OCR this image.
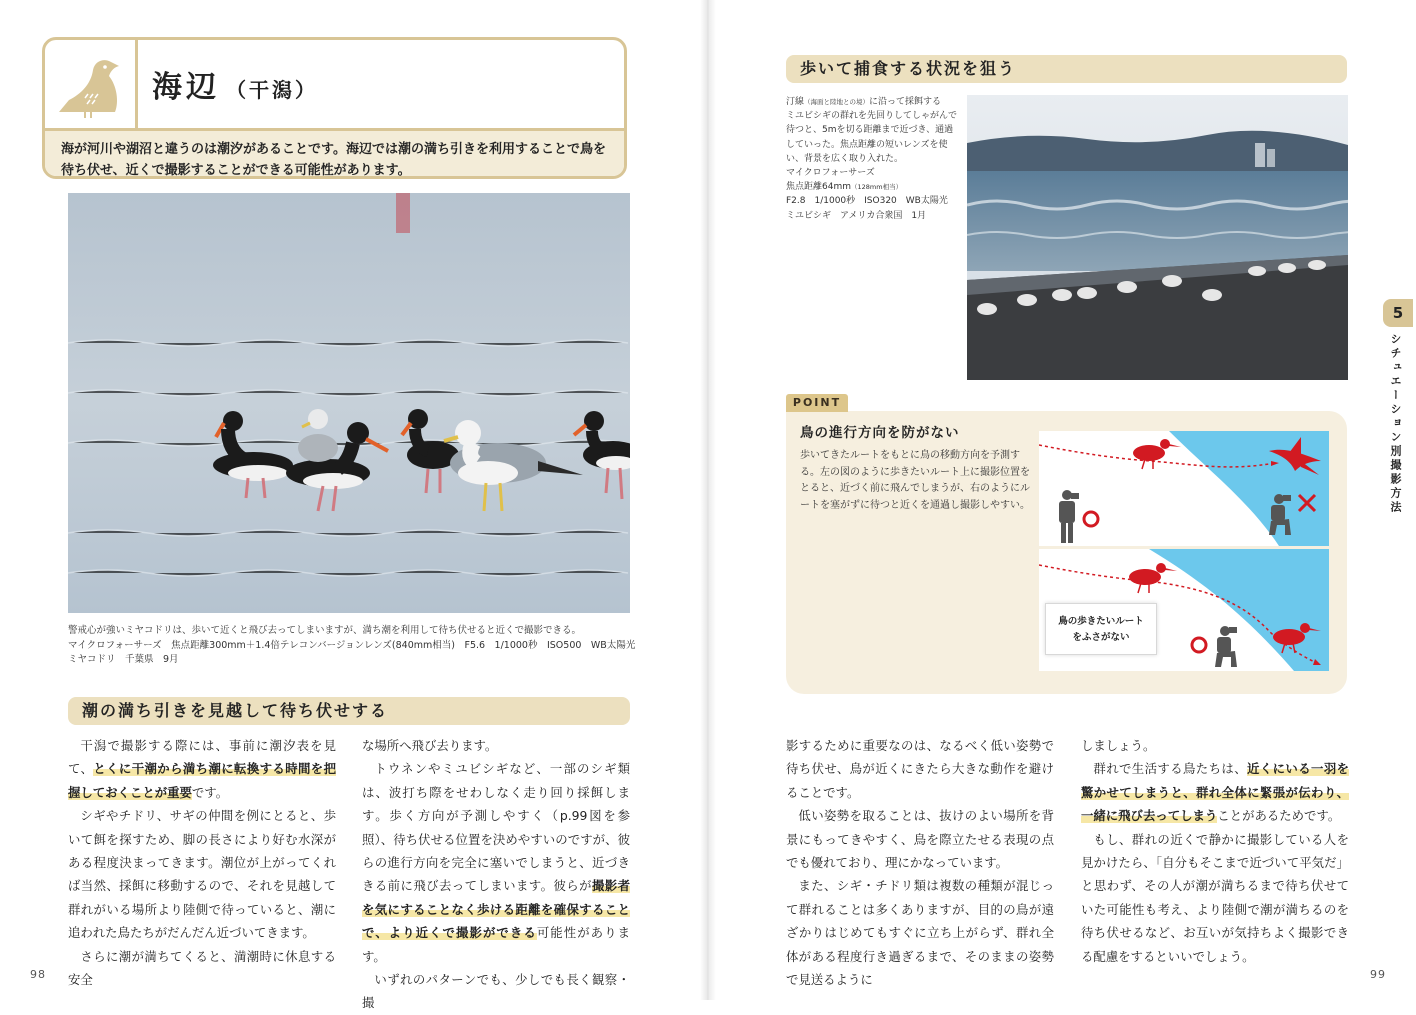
海辺 （干潟）
海が河川や湖沼と違うのは潮汐があることです。海辺では潮の満ち引きを利用することで鳥を待ち伏せ、近くで撮影することができる可能性があります。
警戒心が強いミヤコドリは、歩いて近くと飛び去ってしまいますが、満ち潮を利用して待ち伏せると近くで撮影できる。
マイクロフォーサーズ　焦点距離300mm＋1.4倍テレコンバージョンレンズ(840mm相当)　F5.6　1/1000秒　ISO500　WB太陽光
ミヤコドリ　千葉県　9月
潮の満ち引きを見越して待ち伏せする

干潟で撮影する際には、事前に潮汐表を見て、とくに干潮から満ち潮に転換する時間を把握しておくことが重要です。

シギやチドリ、サギの仲間を例にとると、歩いて餌を探すため、脚の長さにより好む水深がある程度決まってきます。潮位が上がってくれば当然、採餌に移動するので、それを見越して群れがいる場所より陸側で待っていると、潮に追われた鳥たちがだんだん近づいてきます。

さらに潮が満ちてくると、満潮時に休息する安全

な場所へ飛び去ります。

トウネンやミユビシギなど、一部のシギ類は、波打ち際をせわしなく走り回り採餌します。歩く方向が予測しやすく（p.99図を参照）、待ち伏せる位置を決めやすいのですが、彼らの進行方向を完全に塞いでしまうと、近づききる前に飛び去ってしまいます。彼らが撮影者を気にすることなく歩ける距離を確保することで、より近くで撮影ができる可能性があります。

いずれのパターンでも、少しでも長く観察・撮

98
歩いて捕食する状況を狙う
汀線（海面と陸地との境）に沿って採餌する
ミユビシギの群れを先回りしてしゃがんで
待つと、5mを切る距離まで近づき、通過
していった。焦点距離の短いレンズを使
い、背景を広く取り入れた。
マイクロフォーサーズ
焦点距離64mm（128mm相当）
F2.8　1/1000秒　ISO320　WB太陽光
ミユビシギ　アメリカ合衆国　1月
POINT
鳥の進行方向を防がない
歩いてきたルートをもとに鳥の移動方向を予測する。左の図のように歩きたいルート上に撮影位置をとると、近づく前に飛んでしまうが、右のようにルートを塞がずに待つと近くを通過し撮影しやすい。
×
鳥の歩きたいルート
をふさがない

影するために重要なのは、なるべく低い姿勢で待ち伏せ、鳥が近くにきたら大きな動作を避けることです。

低い姿勢を取ることは、抜けのよい場所を背景にもってきやすく、鳥を際立たせる表現の点でも優れており、理にかなっています。

また、シギ・チドリ類は複数の種類が混じって群れることは多くありますが、目的の鳥が遠ざかりはじめてもすぐに立ち上がらず、群れ全体がある程度行き過ぎるまで、そのままの姿勢で見送るように

しましょう。

群れで生活する鳥たちは、近くにいる一羽を驚かせてしまうと、群れ全体に緊張が伝わり、一緒に飛び去ってしまうことがあるためです。

もし、群れの近くで静かに撮影している人を見かけたら、「自分もそこまで近づいて平気だ」と思わず、その人が潮が満ちるまで待ち伏せていた可能性も考え、より陸側で潮が満ちるのを待ち伏せるなど、お互いが気持ちよく撮影できる配慮をするといいでしょう。

5
シチュエーション別撮影方法
99
